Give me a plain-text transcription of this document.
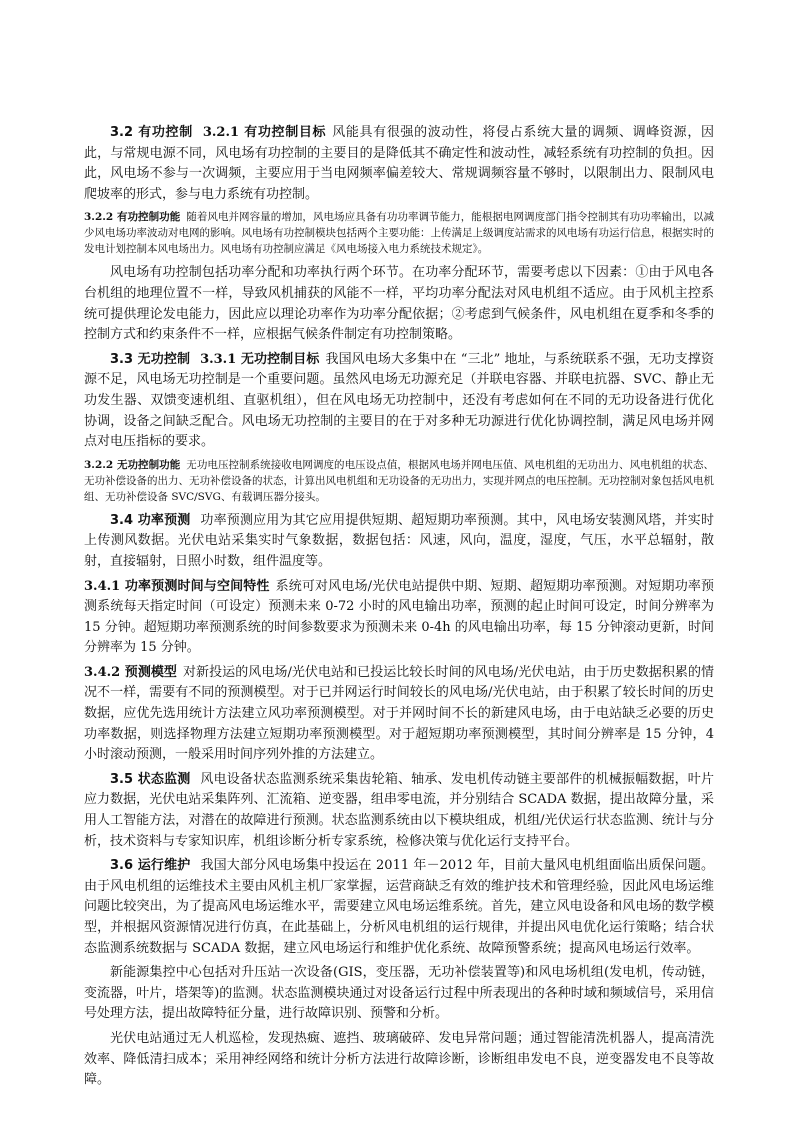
3.2 有功控制 3.2.1 有功控制目标 风能具有很强的波动性，将侵占系统大量的调频、调峰资源，因此，与常规电源不同，风电场有功控制的主要目的是降低其不确定性和波动性，减轻系统有功控制的负担。因此，风电场不参与一次调频，主要应用于当电网频率偏差较大、常规调频容量不够时，以限制出力、限制风电爬坡率的形式，参与电力系统有功控制。

3.2.2 有功控制功能 随着风电并网容量的增加，风电场应具备有功功率调节能力，能根据电网调度部门指令控制其有功功率输出，以减少风电场功率波动对电网的影响。风电场有功控制模块包括两个主要功能：上传满足上级调度站需求的风电场有功运行信息，根据实时的发电计划控制本风电场出力。风电场有功控制应满足《风电场接入电力系统技术规定》。

风电场有功控制包括功率分配和功率执行两个环节。在功率分配环节，需要考虑以下因素：①由于风电各台机组的地理位置不一样，导致风机捕获的风能不一样，平均功率分配法对风电机组不适应。由于风机主控系统可提供理论发电能力，因此应以理论功率作为功率分配依据；②考虑到气候条件，风电机组在夏季和冬季的控制方式和约束条件不一样，应根据气候条件制定有功控制策略。

3.3 无功控制 3.3.1 无功控制目标 我国风电场大多集中在 “三北” 地址，与系统联系不强，无功支撑资源不足，风电场无功控制是一个重要问题。虽然风电场无功源充足（并联电容器、并联电抗器、SVC、静止无功发生器、双馈变速机组、直驱机组），但在风电场无功控制中，还没有考虑如何在不同的无功设备进行优化协调，设备之间缺乏配合。风电场无功控制的主要目的在于对多种无功源进行优化协调控制，满足风电场并网点对电压指标的要求。

3.2.2 无功控制功能 无功电压控制系统接收电网调度的电压设点值，根据风电场并网电压值、风电机组的无功出力、风电机组的状态、无功补偿设备的出力、无功补偿设备的状态，计算出风电机组和无功设备的无功出力，实现并网点的电压控制。无功控制对象包括风电机组、无功补偿设备 SVC/SVG、有载调压器分接头。

3.4 功率预测 功率预测应用为其它应用提供短期、超短期功率预测。其中，风电场安装测风塔，并实时上传测风数据。光伏电站采集实时气象数据，数据包括：风速，风向，温度，湿度，气压，水平总辐射，散射，直接辐射，日照小时数，组件温度等。

3.4.1 功率预测时间与空间特性 系统可对风电场/光伏电站提供中期、短期、超短期功率预测。对短期功率预测系统每天指定时间（可设定）预测未来 0-72 小时的风电输出功率，预测的起止时间可设定，时间分辨率为 15 分钟。超短期功率预测系统的时间参数要求为预测未来 0-4h 的风电输出功率，每 15 分钟滚动更新，时间分辨率为 15 分钟。

3.4.2 预测模型 对新投运的风电场/光伏电站和已投运比较长时间的风电场/光伏电站，由于历史数据积累的情况不一样，需要有不同的预测模型。对于已并网运行时间较长的风电场/光伏电站，由于积累了较长时间的历史数据，应优先选用统计方法建立风功率预测模型。对于并网时间不长的新建风电场，由于电站缺乏必要的历史功率数据，则选择物理方法建立短期功率预测模型。对于超短期功率预测模型，其时间分辨率是 15 分钟，4 小时滚动预测，一般采用时间序列外推的方法建立。

3.5 状态监测 风电设备状态监测系统采集齿轮箱、轴承、发电机传动链主要部件的机械振幅数据，叶片应力数据，光伏电站采集阵列、汇流箱、逆变器，组串零电流，并分别结合 SCADA 数据，提出故障分量，采用人工智能方法，对潜在的故障进行预测。状态监测系统由以下模块组成，机组/光伏运行状态监测、统计与分析，技术资料与专家知识库，机组诊断分析专家系统，检修决策与优化运行支持平台。

3.6 运行维护 我国大部分风电场集中投运在 2011 年－2012 年，目前大量风电机组面临出质保问题。由于风电机组的运维技术主要由风机主机厂家掌握，运营商缺乏有效的维护技术和管理经验，因此风电场运维问题比较突出，为了提高风电场运维水平，需要建立风电场运维系统。首先，建立风电设备和风电场的数学模型，并根据风资源情况进行仿真，在此基础上，分析风电机组的运行规律，并提出风电优化运行策略；结合状态监测系统数据与 SCADA 数据，建立风电场运行和维护优化系统、故障预警系统；提高风电场运行效率。

新能源集控中心包括对升压站一次设备(GIS，变压器，无功补偿装置等)和风电场机组(发电机，传动链，变流器，叶片，塔架等)的监测。状态监测模块通过对设备运行过程中所表现出的各种时域和频域信号，采用信号处理方法，提出故障特征分量，进行故障识别、预警和分析。

光伏电站通过无人机巡检，发现热癍、遮挡、玻璃破碎、发电异常问题；通过智能清洗机器人，提高清洗效率、降低清扫成本；采用神经网络和统计分析方法进行故障诊断，诊断组串发电不良，逆变器发电不良等故障。
